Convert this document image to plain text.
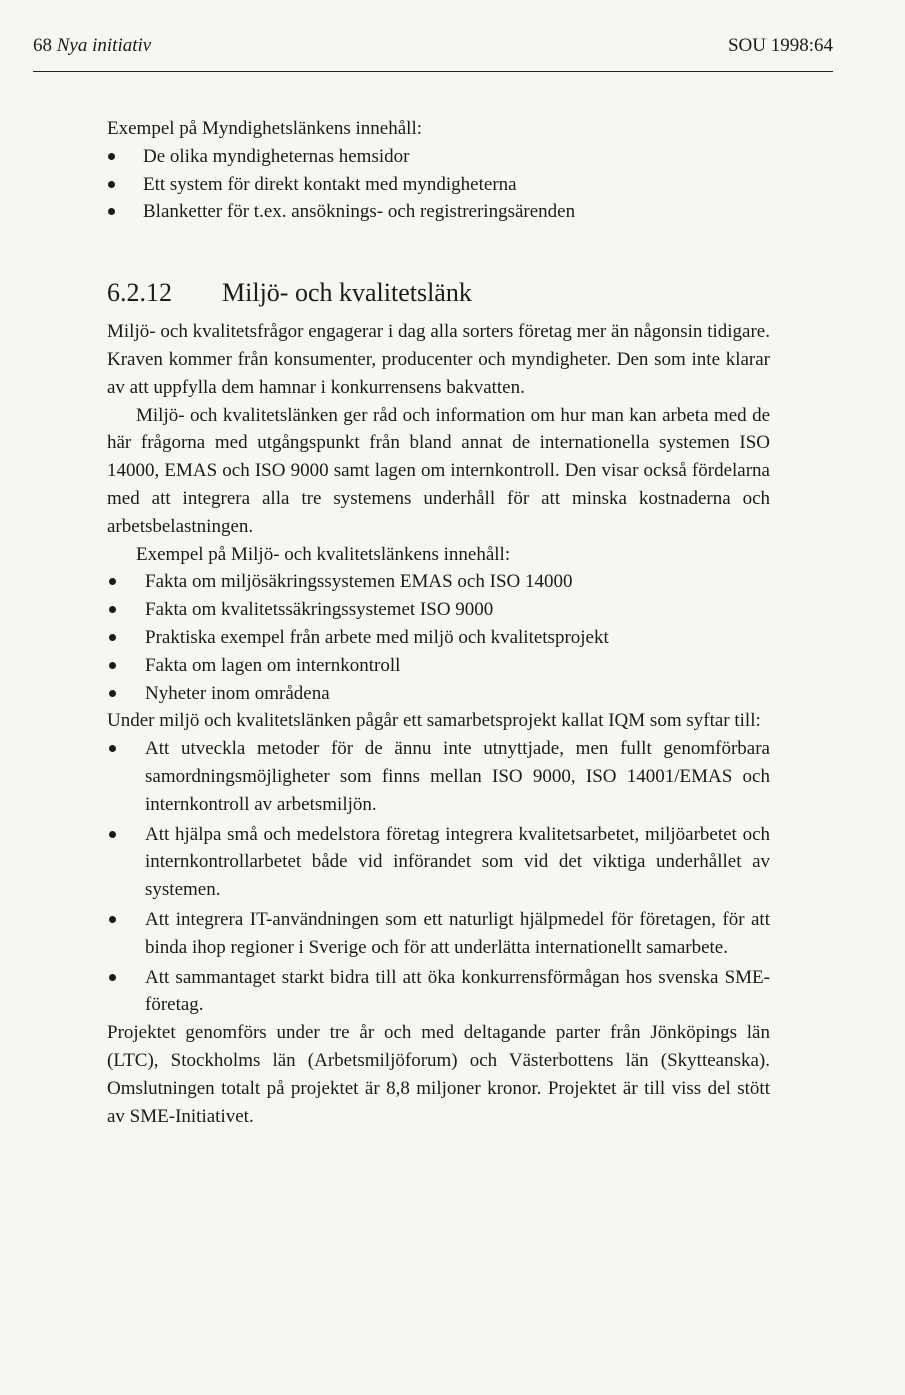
68 Nya initiativ	SOU 1998:64

Exempel på Myndighetslänkens innehåll:

De olika myndigheternas hemsidor
Ett system för direkt kontakt med myndigheterna
Blanketter för t.ex. ansöknings- och registreringsärenden
6.2.12 Miljö- och kvalitetslänk

Miljö- och kvalitetsfrågor engagerar i dag alla sorters företag mer än någonsin tidigare. Kraven kommer från konsumenter, producenter och myndigheter. Den som inte klarar av att uppfylla dem hamnar i konkurrensens bakvatten.

Miljö- och kvalitetslänken ger råd och information om hur man kan arbeta med de här frågorna med utgångspunkt från bland annat de internationella systemen ISO 14000, EMAS och ISO 9000 samt lagen om internkontroll. Den visar också fördelarna med att integrera alla tre systemens underhåll för att minska kostnaderna och arbetsbelastningen.

Exempel på Miljö- och kvalitetslänkens innehåll:

Fakta om miljösäkringssystemen EMAS och ISO 14000
Fakta om kvalitetssäkringssystemet ISO 9000
Praktiska exempel från arbete med miljö och kvalitetsprojekt
Fakta om lagen om internkontroll
Nyheter inom områdena

Under miljö och kvalitetslänken pågår ett samarbetsprojekt kallat IQM som syftar till:

Att utveckla metoder för de ännu inte utnyttjade, men fullt genomförbara samordningsmöjligheter som finns mellan ISO 9000, ISO 14001/EMAS och internkontroll av arbetsmiljön.
Att hjälpa små och medelstora företag integrera kvalitetsarbetet, miljöarbetet och internkontrollarbetet både vid införandet som vid det viktiga underhållet av systemen.
Att integrera IT-användningen som ett naturligt hjälpmedel för företagen, för att binda ihop regioner i Sverige och för att underlätta internationellt samarbete.
Att sammantaget starkt bidra till att öka konkurrensförmågan hos svenska SME-företag.

Projektet genomförs under tre år och med deltagande parter från Jönköpings län (LTC), Stockholms län (Arbetsmiljöforum) och Västerbottens län (Skytteanska). Omslutningen totalt på projektet är 8,8 miljoner kronor. Projektet är till viss del stött av SME-Initiativet.
